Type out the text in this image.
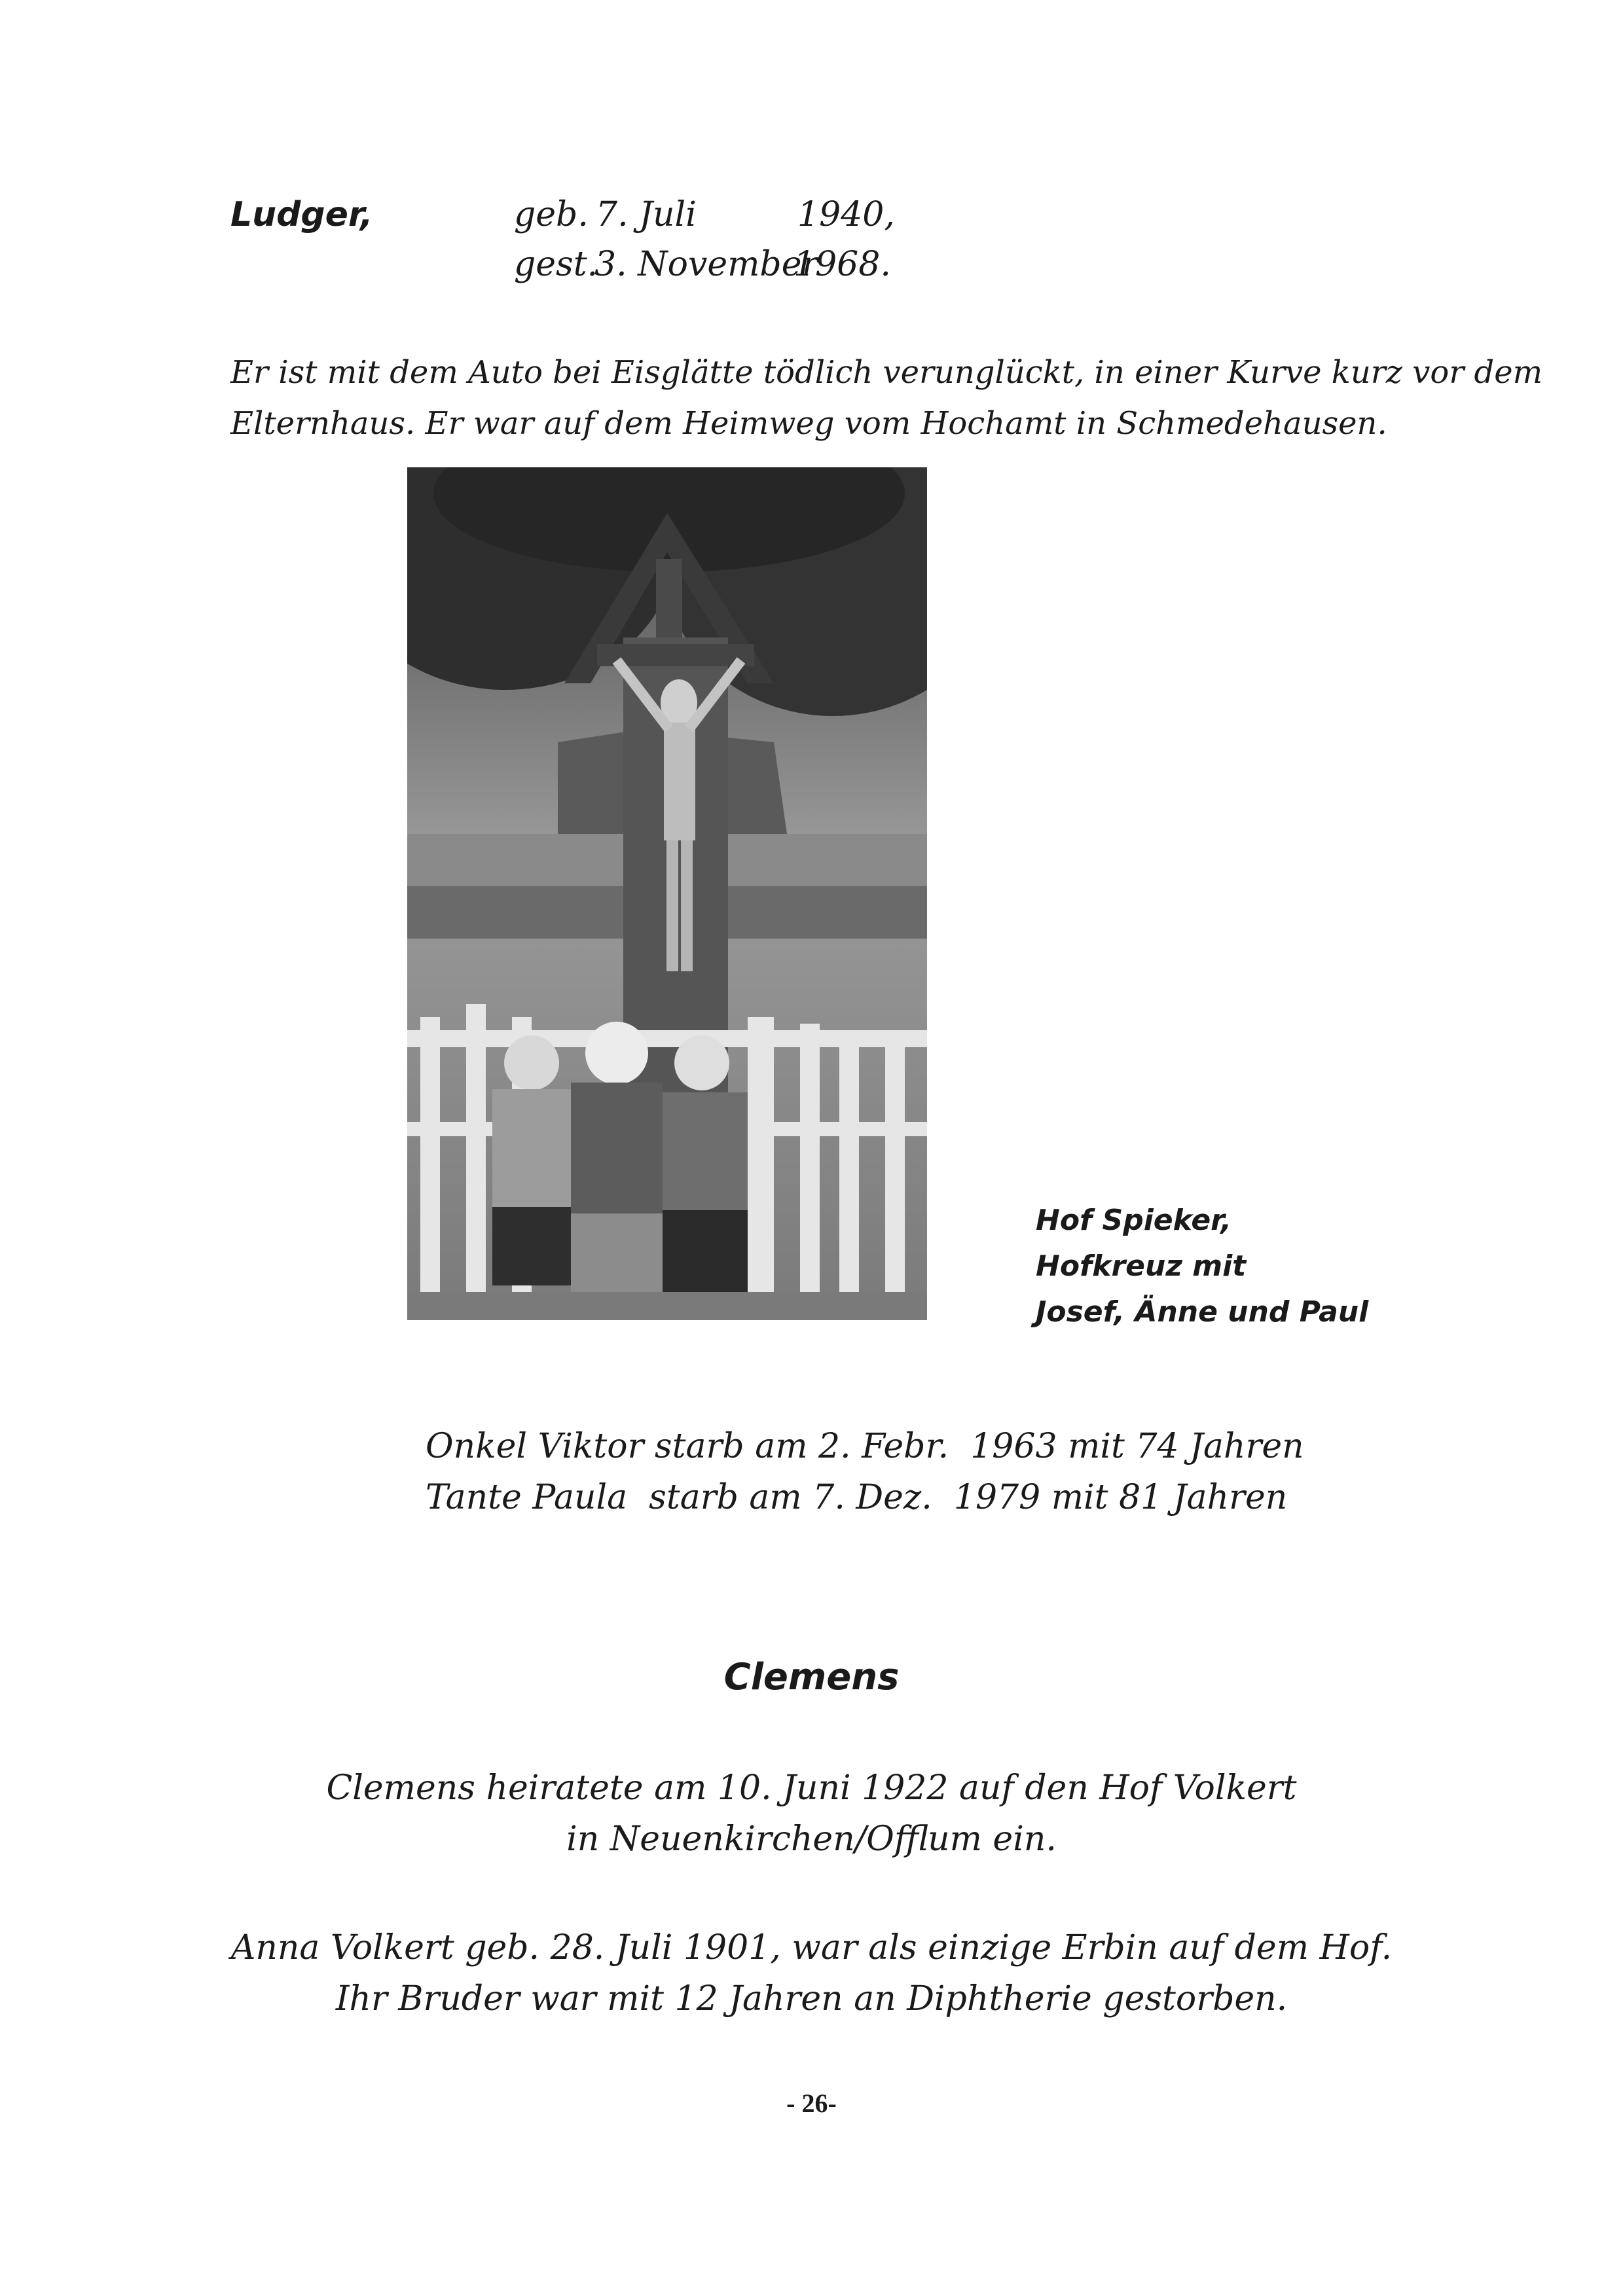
Ludger,	geb. 7. Juli	1940,
gest.
3. November
1968.
Er ist mit dem Auto bei Eisglätte tödlich verunglückt, in einer Kurve kurz vor dem
Elternhaus. Er war auf dem Heimweg vom Hochamt in Schmedehausen.
Hof Spieker,
Hofkreuz mit
Josef, Änne und Paul
Onkel Viktor starb am 2. Febr.  1963 mit 74 Jahren
Tante Paula  starb am 7. Dez.  1979 mit 81 Jahren
Clemens
Clemens heiratete am 10. Juni 1922 auf den Hof Volkert
in Neuenkirchen/Offlum ein.
Anna Volkert geb. 28. Juli 1901, war als einzige Erbin auf dem Hof.
Ihr Bruder war mit 12 Jahren an Diphtherie gestorben.
- 26-
